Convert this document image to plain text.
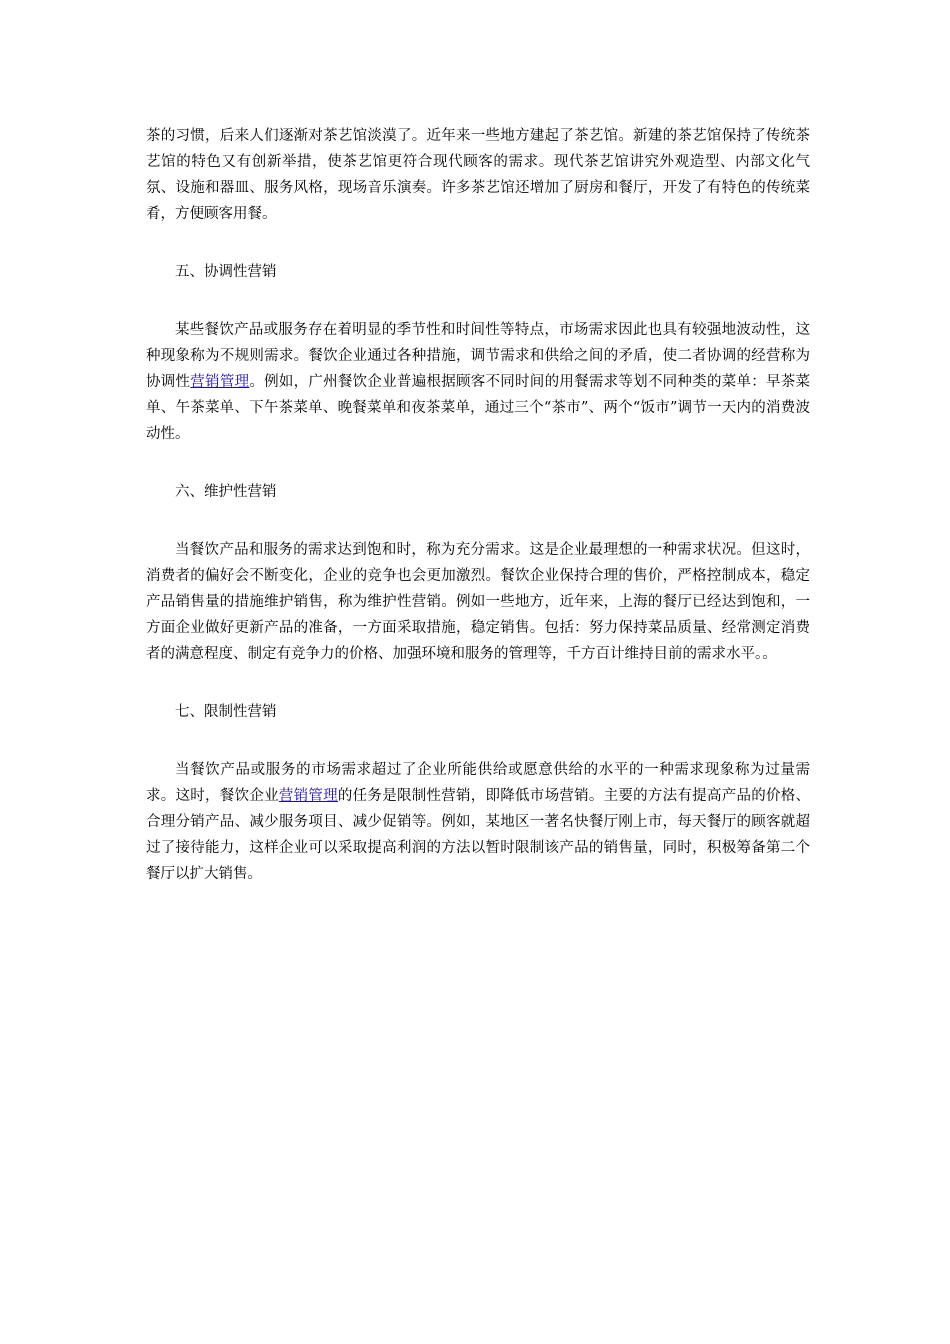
茶的习惯，后来人们逐渐对茶艺馆淡漠了。近年来一些地方建起了茶艺馆。新建的茶艺馆保持了传统茶艺馆的特色又有创新举措，使茶艺馆更符合现代顾客的需求。现代茶艺馆讲究外观造型、内部文化气氛、设施和器皿、服务风格，现场音乐演奏。许多茶艺馆还增加了厨房和餐厅，开发了有特色的传统菜肴，方便顾客用餐。

五、协调性营销

某些餐饮产品或服务存在着明显的季节性和时间性等特点，市场需求因此也具有较强地波动性，这种现象称为不规则需求。餐饮企业通过各种措施，调节需求和供给之间的矛盾，使二者协调的经营称为协调性营销管理。例如，广州餐饮企业普遍根据顾客不同时间的用餐需求等划不同种类的菜单：早茶菜单、午茶菜单、下午茶菜单、晚餐菜单和夜茶菜单，通过三个“茶市”、两个“饭市”调节一天内的消费波动性。

六、维护性营销

当餐饮产品和服务的需求达到饱和时，称为充分需求。这是企业最理想的一种需求状况。但这时，消费者的偏好会不断变化，企业的竞争也会更加激烈。餐饮企业保持合理的售价，严格控制成本，稳定产品销售量的措施维护销售，称为维护性营销。例如一些地方，近年来，上海的餐厅已经达到饱和，一方面企业做好更新产品的准备，一方面采取措施，稳定销售。包括：努力保持菜品质量、经常测定消费者的满意程度、制定有竞争力的价格、加强环境和服务的管理等，千方百计维持目前的需求水平。。

七、限制性营销

当餐饮产品或服务的市场需求超过了企业所能供给或愿意供给的水平的一种需求现象称为过量需求。这时，餐饮企业营销管理的任务是限制性营销，即降低市场营销。主要的方法有提高产品的价格、合理分销产品、减少服务项目、减少促销等。例如，某地区一著名快餐厅刚上市，每天餐厅的顾客就超过了接待能力，这样企业可以采取提高利润的方法以暂时限制该产品的销售量，同时，积极筹备第二个餐厅以扩大销售。
